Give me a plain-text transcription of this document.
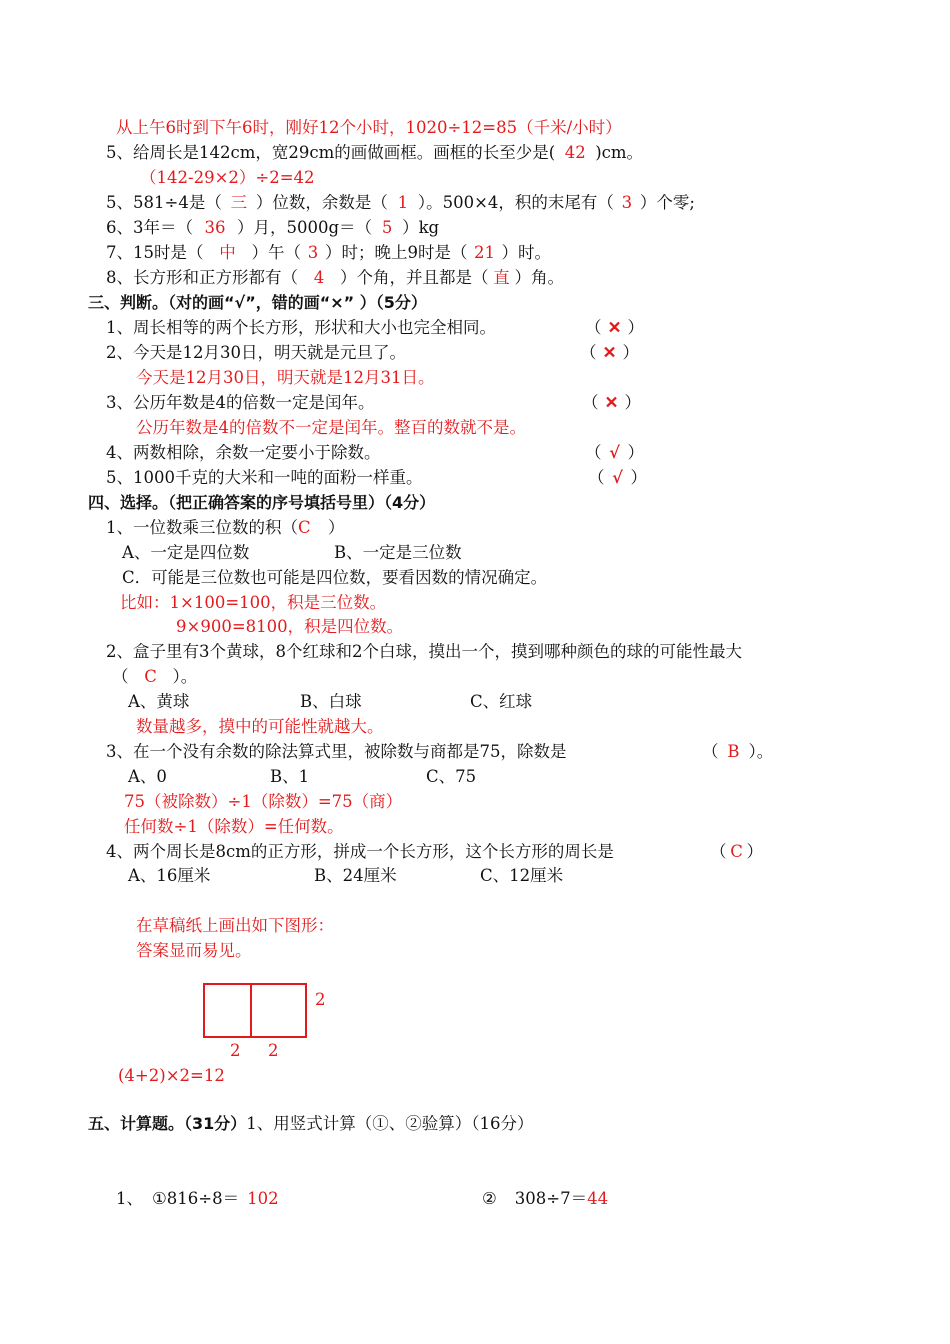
从上午6时到下午6时，刚好12个小时，1020÷12=85（千米/小时）
5、给周长是142cm，宽29cm的画做画框。画框的长至少是( 42 )cm。
（142-29×2）÷2=42
5、581÷4是（ 三 ）位数，余数是（ 1 ）。500×4，积的末尾有（ 3 ）个零;
6、3年＝（ 36 ）月，5000g＝（ 5 ）kg
7、15时是（ 中 ）午（ 3 ）时；晚上9时是（ 21 ）时。
8、长方形和正方形都有（ 4 ）个角，并且都是（ 直 ）角。
三、判断。（对的画“√”，错的画“×” ）（5分）
1、周长相等的两个长方形，形状和大小也完全相同。	（ ✕ ）
2、今天是12月30日，明天就是元旦了。	（ ✕ ）
今天是12月30日，明天就是12月31日。
3、公历年数是4的倍数一定是闰年。	（ ✕ ）
公历年数是4的倍数不一定是闰年。整百的数就不是。
4、两数相除，余数一定要小于除数。	（ √ ）
5、1000千克的大米和一吨的面粉一样重。	（ √ ）
四、选择。（把正确答案的序号填括号里）（4分）
1、一位数乘三位数的积（C ）
A、一定是四位数	B、一定是三位数
C．可能是三位数也可能是四位数，要看因数的情况确定。
比如：1×100=100，积是三位数。
9×900=8100，积是四位数。
2、盒子里有3个黄球，8个红球和2个白球，摸出一个，摸到哪种颜色的球的可能性最大
（ C ）。
A、黄球	B、白球	C、红球
数量越多，摸中的可能性就越大。
3、在一个没有余数的除法算式里，被除数与商都是75，除数是	（ B ）。
A、0	B、1	C、75
75（被除数）÷1（除数）=75（商）
任何数÷1（除数）=任何数。
4、两个周长是8cm的正方形，拼成一个长方形，这个长方形的周长是	（ C ）
A、16厘米	B、24厘米	C、12厘米
在草稿纸上画出如下图形：
答案显而易见。
2
2 2
(4+2)×2=12
五、计算题。（31分）1、用竖式计算（①、②验算）（16分）
1、 ①816÷8＝ 102	② 308÷7＝44
